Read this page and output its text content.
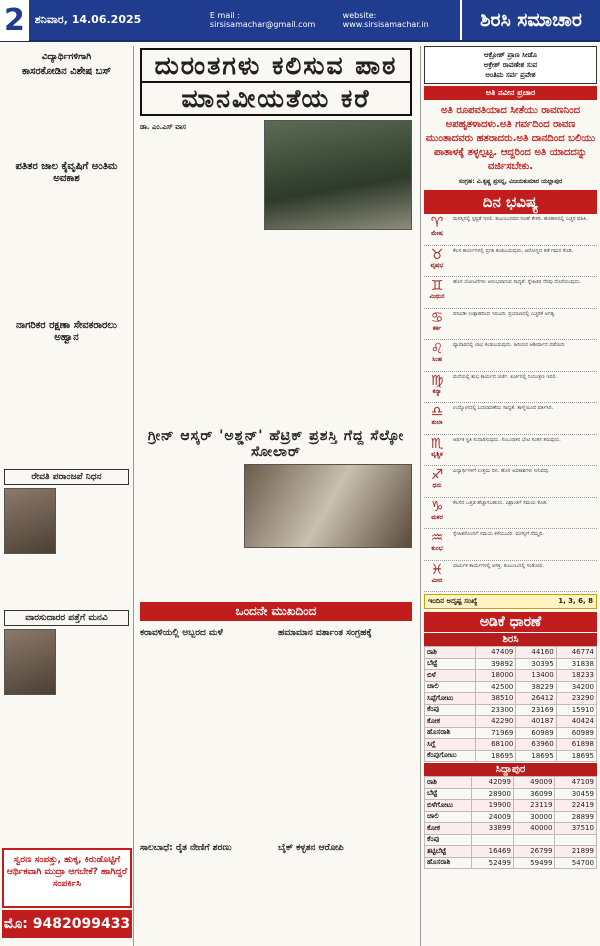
2 ಶನಿವಾರ, 14.06.2025	E mail : sirsisamachar@gmail.com
website: www.sirsisamachar.in	ಶಿರಸಿ ಸಮಾಚಾರ
ವಿದ್ಯಾರ್ಥಿಗಳಿಗಾಗಿ
ಕಾಸರಕೋಡಿನ ವಿಶೇಷ ಬಸ್
ಪತಿತರ ಜಾಲ ಕೈವೃಷಿಗೆ ಅಂತಿಮ ಅವಕಾಶ
ನಾಗರಿಕರ ರಕ್ಷಣಾ ಸೇವಕರಾರಲು ಅಹ್ವಾನ
ರೇವತಿ ಪರಾಂಜಪೆ ನಿಧನ
ವಾರಸುದಾರರ ಪತ್ತೆಗೆ ಮನವಿ
ಸ್ವರಣ ಸಂಪತ್ತು, ಹುಕ್ಕ, ಕಿರುಡೊಟ್ಟಿಗೆ ಆರ್ಥಿಕವಾಗಿ ಮುದ್ರಾ ಆಗಬೇಕೆ? ಹಾಗಿದ್ದರೆ ಸಂಪರ್ಕಿಸಿ
ಮೊ: 9482099433
ದುರಂತಗಳು ಕಲಿಸುವ ಪಾಠ
ಮಾನವೀಯತೆಯ ಕರೆ
ಡಾ. ಎಂ.ಎಸ್ ವಾಸ
ಗ್ರೀನ್ ಆಸ್ಕರ್ 'ಅಶ್ಡನ್' ಹೆಟ್ರಿಕ್ ಪ್ರಶಸ್ತಿ ಗೆದ್ದ ಸೆಲ್ಕೋ ಸೋಲಾರ್
ಒಂದನೇ ಮುಖದಿಂದ
ಕರಾವಳಿಯಲ್ಲಿ ಅಬ್ಬರದ ಮಳೆ
ಸಾಲಬಾಧೆ: ರೈತ ನೇಣಿಗೆ ಶರಣು
ಹಮಾಮಾನ ವರ್ತಾಂತ ಸಂಗ್ರಹಕ್ಕೆ
ಬೈಕ್ ಕಳ್ಳತನ ಆರೋಪಿ
ಆಕ್ರೋಶ್ ಪ್ರಾಣ ಸೀಡೊ
ಅಕ್ರೇಶ್ ರಾವಣೇಶ ಸುವ
ಅಂತಿಮ ಸರ್ವ ಪ್ರವೇಶ
ಅತಿ ನವೀನ ಪ್ರಚಾರ
ಅತಿ ರೂಪವತಿಯಾದ ಸೀತೆಯು ರಾವಣನಿಂದ ಅಪಹೃತಳಾದಳು.ಅತಿ ಗರ್ವದಿಂದ ರಾವಣ ಮುಂತಾದವರು ಹತರಾದರು.ಅತಿ ದಾನದಿಂದ ಬಲಿಯು ಪಾತಾಳಕ್ಕೆ ತಳ್ಳಲ್ಪಟ್ಟ. ಆದ್ದರಿಂದ ಅತಿ ಯಾದದನ್ನು ವರ್ಜಿಸಬೇಕು.
ಸಂಗ್ರಹ: ವಿ.ಕೃಷ್ಣ ಪ್ರಸನ್ನ, ವಿಜಯಕುಮಾರ ಯಲ್ಲಾಪುರ
ದಿನ ಭವಿಷ್ಯ
♈
ಮೇಷ
ಮನಸ್ಸಿನಲ್ಲಿ ಸ್ಪಷ್ಟತೆ ಇರಲಿ. ಕುಟುಂಬದವರ ಸಲಹೆ ಕೇಳಿರಿ. ಹಣಕಾಸಿನಲ್ಲಿ ಎಚ್ಚರ ವಹಿಸಿ.
♉
ವೃಷಭ
ಕೆಲಸ ಕಾರ್ಯಗಳಲ್ಲಿ ಪ್ರಗತಿ ಕಂಡುಬರುವುದು. ಆರೋಗ್ಯದ ಕಡೆ ಗಮನ ಕೊಡಿ.
♊
ಮಿಥುನ
ಹೊಸ ಯೋಜನೆಗಳು ಆರಂಭವಾಗುವ ಸಾಧ್ಯತೆ. ಸ್ನೇಹಿತರ ನೆರವು ದೊರೆಯುವುದು.
♋
ಕರ್ಕ
ದಿನವಿಡೀ ಉತ್ಸಾಹದಿಂದ ಇರುವಿರಿ. ಪ್ರಯಾಣದಲ್ಲಿ ಎಚ್ಚರಿಕೆ ಅಗತ್ಯ.
♌
ಸಿಂಹ
ವ್ಯಾಪಾರದಲ್ಲಿ ಲಾಭ ಕಂಡುಬರುವುದು. ಹಿರಿಯರ ಆಶೀರ್ವಾದ ಪಡೆಯಿರಿ.
♍
ಕನ್ಯಾ
ಮನೆಯಲ್ಲಿ ಶುಭ ಕಾರ್ಯದ ಚರ್ಚೆ. ಖರ್ಚಿನಲ್ಲಿ ನಿಯಂತ್ರಣ ಇರಲಿ.
♎
ತುಲಾ
ಉದ್ಯೋಗದಲ್ಲಿ ಬದಲಾವಣೆಯ ಸಾಧ್ಯತೆ. ತಾಳ್ಮೆಯಿಂದ ವರ್ತಿಸಿರಿ.
♏
ವೃಶ್ಚಿಕ
ಆರ್ಥಿಕ ಸ್ಥಿತಿ ಸುಧಾರಿಸುವುದು. ಸಂಬಂಧಿಕರ ಭೇಟಿ ಸಂತಸ ತರುವುದು.
♐
ಧನು
ವಿದ್ಯಾರ್ಥಿಗಳಿಗೆ ಉತ್ತಮ ದಿನ. ಹೊಸ ಅವಕಾಶಗಳು ಸಿಗುವವು.
♑
ಮಕರ
ಕೆಲಸದ ಒತ್ತಡ ಹೆಚ್ಚಾಗಬಹುದು. ವಿಶ್ರಾಂತಿಗೆ ಸಮಯ ಕೊಡಿ.
♒
ಕುಂಭ
ಸ್ನೇಹಿತರೊಂದಿಗೆ ಸಮಯ ಕಳೆಯುವಿರಿ. ಮನಸ್ಸಿಗೆ ನೆಮ್ಮದಿ.
♓
ಮೀನ
ಧಾರ್ಮಿಕ ಕಾರ್ಯಗಳಲ್ಲಿ ಆಸಕ್ತಿ. ಕುಟುಂಬದಲ್ಲಿ ಸಂತೋಷ.
ಇಂದಿನ ಅದೃಷ್ಟ ಸಂಖ್ಯೆ	1, 3, 6, 8
ಅಡಿಕೆ ಧಾರಣೆ
ಶಿರಸಿ
ರಾಶಿ	47409	44160	46774
ಬೆಟ್ಟೆ	39892	30395	31838
ಬಿಳೆ	18000	13400	18233
ಚಾಲಿ	42500	38229	34200
ಸಿಪ್ಪೆಗೋಟು	38510	26412	23290
ಕೆಂಪು	23300	23169	15910
ಕೋಕ	42290	40187	40424
ಹೊಸರಾಶಿ	71969	60989	60989
ಸಿಗ್ಲೆ	68100	63960	61898
ಕೆಂಪುಗೋಟು	18695	18695	18695
ಸಿದ್ದಾಪುರ
ರಾಶಿ	42099	49009	47109
ಬೆಟ್ಟೆ	28900	36099	30459
ಬಿಳೆಗೋಟು	19900	23119	22419
ಚಾಲಿ	24009	30000	28899
ಕೋಕ	33899	40000	37510
ಕೆಂಪು			
ತಟ್ಟಿಬೆಟ್ಟೆ	16469	26799	21899
ಹೊಸರಾಶಿ	52499	59499	54700
